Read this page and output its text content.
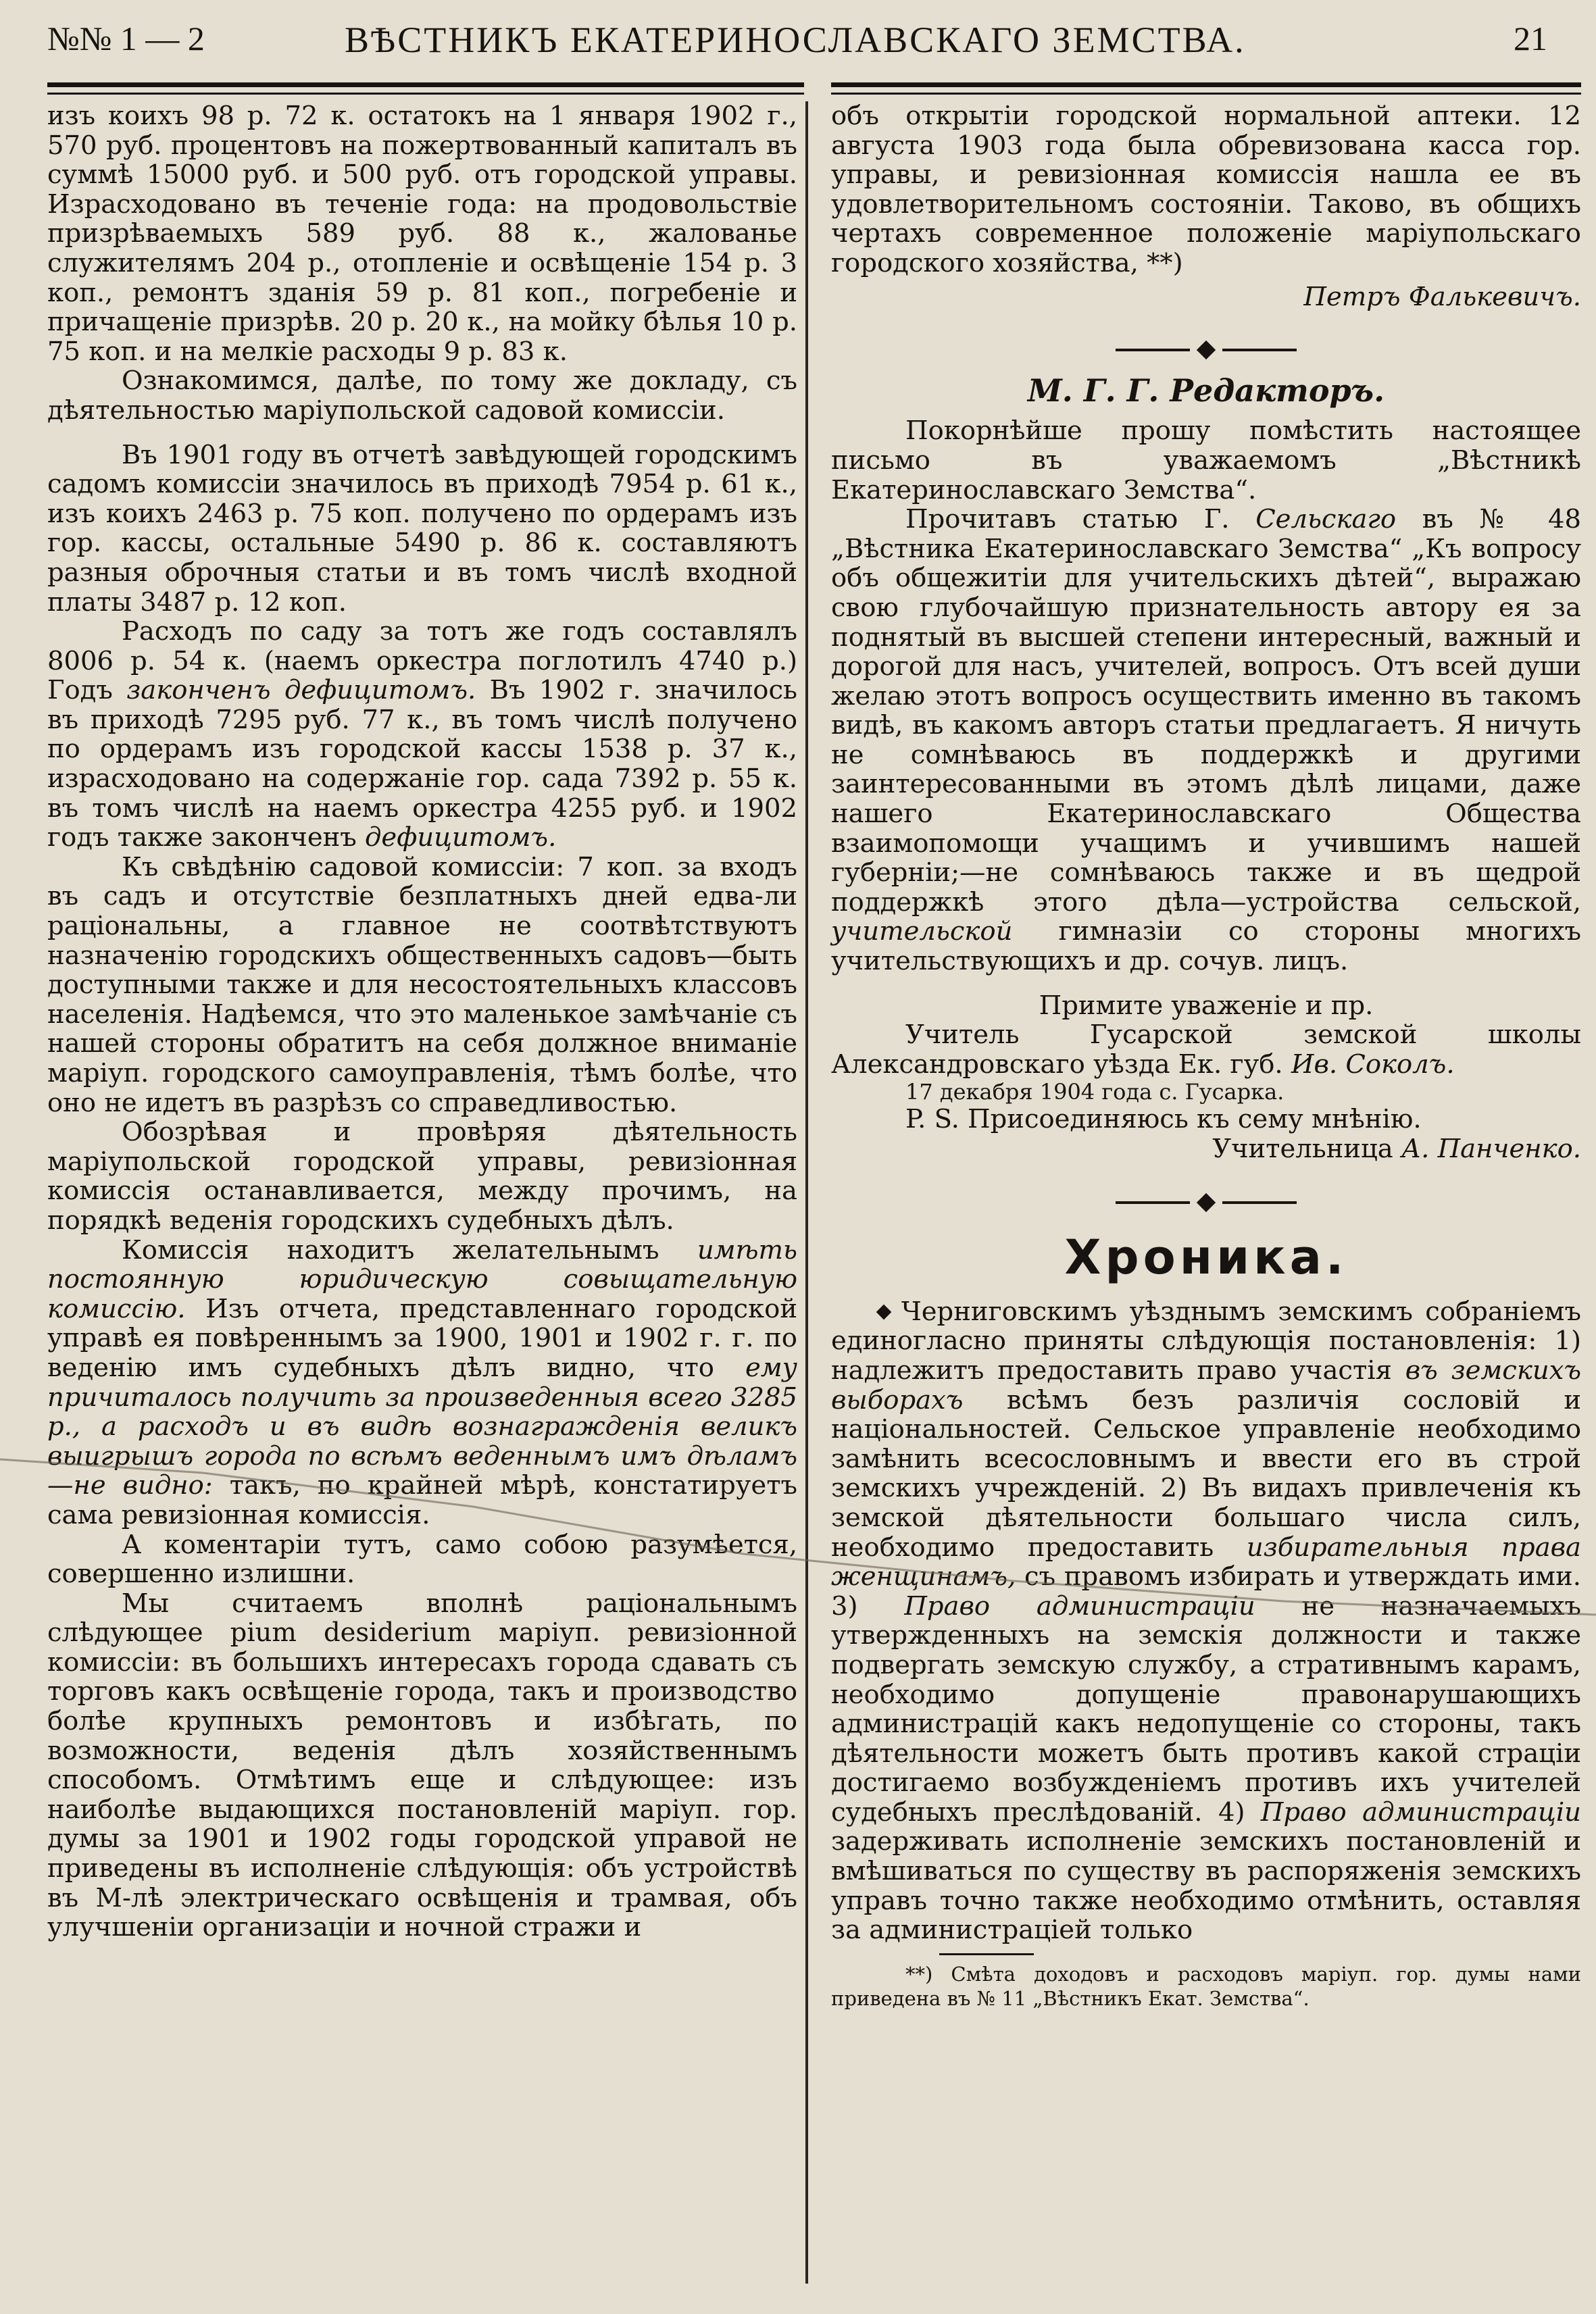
№№ 1 — 2	ВѢСТНИКЪ ЕКАТЕРИНОСЛАВСКАГО ЗЕМСТВА.	21

изъ коихъ 98 р. 72 к. остатокъ на 1 января 1902 г., 570 руб. процентовъ на пожертвованный капиталъ въ суммѣ 15000 руб. и 500 руб. отъ городской управы. Израсходовано въ теченіе года: на продовольствіе призрѣваемыхъ 589 руб. 88 к., жалованье служителямъ 204 р., отопленіе и освѣщеніе 154 р. 3 коп., ремонтъ зданія 59 р. 81 коп., погребеніе и причащеніе призрѣв. 20 р. 20 к., на мойку бѣлья 10 р. 75 коп. и на мелкіе расходы 9 р. 83 к.

Ознакомимся, далѣе, по тому же докладу, съ дѣятельностью маріупольской садовой комиссіи.

Въ 1901 году въ отчетѣ завѣдующей городскимъ садомъ комиссіи значилось въ приходѣ 7954 р. 61 к., изъ коихъ 2463 р. 75 коп. получено по ордерамъ изъ гор. кассы, остальные 5490 р. 86 к. составляютъ разныя оброчныя статьи и въ томъ числѣ входной платы 3487 р. 12 коп.

Расходъ по саду за тотъ же годъ составлялъ 8006 р. 54 к. (наемъ оркестра поглотилъ 4740 р.) Годъ законченъ дефицитомъ. Въ 1902 г. значилось въ приходѣ 7295 руб. 77 к., въ томъ числѣ получено по ордерамъ изъ городской кассы 1538 р. 37 к., израсходовано на содержаніе гор. сада 7392 р. 55 к. въ томъ числѣ на наемъ оркестра 4255 руб. и 1902 годъ также законченъ дефицитомъ.

Къ свѣдѣнію садовой комиссіи: 7 коп. за входъ въ садъ и отсутствіе безплатныхъ дней едва-ли раціональны, а главное не соотвѣтствуютъ назначенію городскихъ общественныхъ садовъ—быть доступными также и для несостоятельныхъ классовъ населенія. Надѣемся, что это маленькое замѣчаніе съ нашей стороны обратитъ на себя должное вниманіе маріуп. городского самоуправленія, тѣмъ болѣе, что оно не идетъ въ разрѣзъ со справедливостью.

Обозрѣвая и провѣряя дѣятельность маріупольской городской управы, ревизіонная комиссія останавливается, между прочимъ, на порядкѣ веденія городскихъ судебныхъ дѣлъ.

Комиссія находитъ желательнымъ имѣть постоянную юридическую совыщательную комиссію. Изъ отчета, представленнаго городской управѣ ея повѣреннымъ за 1900, 1901 и 1902 г. г. по веденію имъ судебныхъ дѣлъ видно, что ему причиталось получить за произведенныя всего 3285 р., а расходъ и въ видѣ вознагражденія великъ выигрышъ города по всѣмъ веденнымъ имъ дѣламъ—не видно: такъ, по крайней мѣрѣ, констатируетъ сама ревизіонная комиссія.

А коментаріи тутъ, само собою разумѣется, совершенно излишни.

Мы считаемъ вполнѣ раціональнымъ слѣдующее pium desiderium маріуп. ревизіонной комиссіи: въ большихъ интересахъ города сдавать съ торговъ какъ освѣщеніе города, такъ и производство болѣе крупныхъ ремонтовъ и избѣгать, по возможности, веденія дѣлъ хозяйственнымъ способомъ. Отмѣтимъ еще и слѣдующее: изъ наиболѣе выдающихся постановленій маріуп. гор. думы за 1901 и 1902 годы городской управой не приведены въ исполненіе слѣдующія: объ устройствѣ въ М-лѣ электрическаго освѣщенія и трамвая, объ улучшеніи организаціи и ночной стражи и

объ открытіи городской нормальной аптеки. 12 августа 1903 года была обревизована касса гор. управы, и ревизіонная комиссія нашла ее въ удовлетворительномъ состояніи. Таково, въ общихъ чертахъ современное положеніе маріупольскаго городского хозяйства, **)

Петръ Фалькевичъ.

М. Г. Г. Редакторъ.

Покорнѣйше прошу помѣстить настоящее письмо въ уважаемомъ „Вѣстникѣ Екатеринославскаго Земства“.

Прочитавъ статью Г. Сельскаго въ № 48 „Вѣстника Екатеринославскаго Земства“ „Къ вопросу объ общежитіи для учительскихъ дѣтей“, выражаю свою глубочайшую признательность автору ея за поднятый въ высшей степени интересный, важный и дорогой для насъ, учителей, вопросъ. Отъ всей души желаю этотъ вопросъ осуществить именно въ такомъ видѣ, въ какомъ авторъ статьи предлагаетъ. Я ничуть не сомнѣваюсь въ поддержкѣ и другими заинтересованными въ этомъ дѣлѣ лицами, даже нашего Екатеринославскаго Общества взаимопомощи учащимъ и учившимъ нашей губерніи;—не сомнѣваюсь также и въ щедрой поддержкѣ этого дѣла—устройства сельской, учительской гимназіи со стороны многихъ учительствующихъ и др. сочув. лицъ.

Примите уваженіе и пр.

Учитель Гусарской земской школы Александровскаго уѣзда Ек. губ. Ив. Соколъ.

17 декабря 1904 года с. Гусарка.

P. S. Присоединяюсь къ сему мнѣнію.

Учительница А. Панченко.

Хроника.

Черниговскимъ уѣзднымъ земскимъ собраніемъ единогласно приняты слѣдующія постановленія: 1) надлежитъ предоставить право участія въ земскихъ выборахъ всѣмъ безъ различія сословій и національностей. Сельское управленіе необходимо замѣнить всесословнымъ и ввести его въ строй земскихъ учрежденій. 2) Въ видахъ привлеченія къ земской дѣятельности большаго числа силъ, необходимо предоставить избирательныя права женщинамъ, съ правомъ избирать и утверждать ими. 3) Право администраціи не назначаемыхъ утвержденныхъ на земскія должности и также подвергать земскую службу, а стративнымъ карамъ, необходимо допущеніе правонарушающихъ администрацій какъ недопущеніе со стороны, такъ дѣятельности можетъ быть противъ какой страціи достигаемо возбужденіемъ противъ ихъ учителей судебныхъ преслѣдованій. 4) Право администраціи задерживать исполненіе земскихъ постановленій и вмѣшиваться по существу въ распоряженія земскихъ управъ точно также необходимо отмѣнить, оставляя за администраціей только

**) Смѣта доходовъ и расходовъ маріуп. гор. думы нами приведена въ № 11 „Вѣстникъ Екат. Земства“.
